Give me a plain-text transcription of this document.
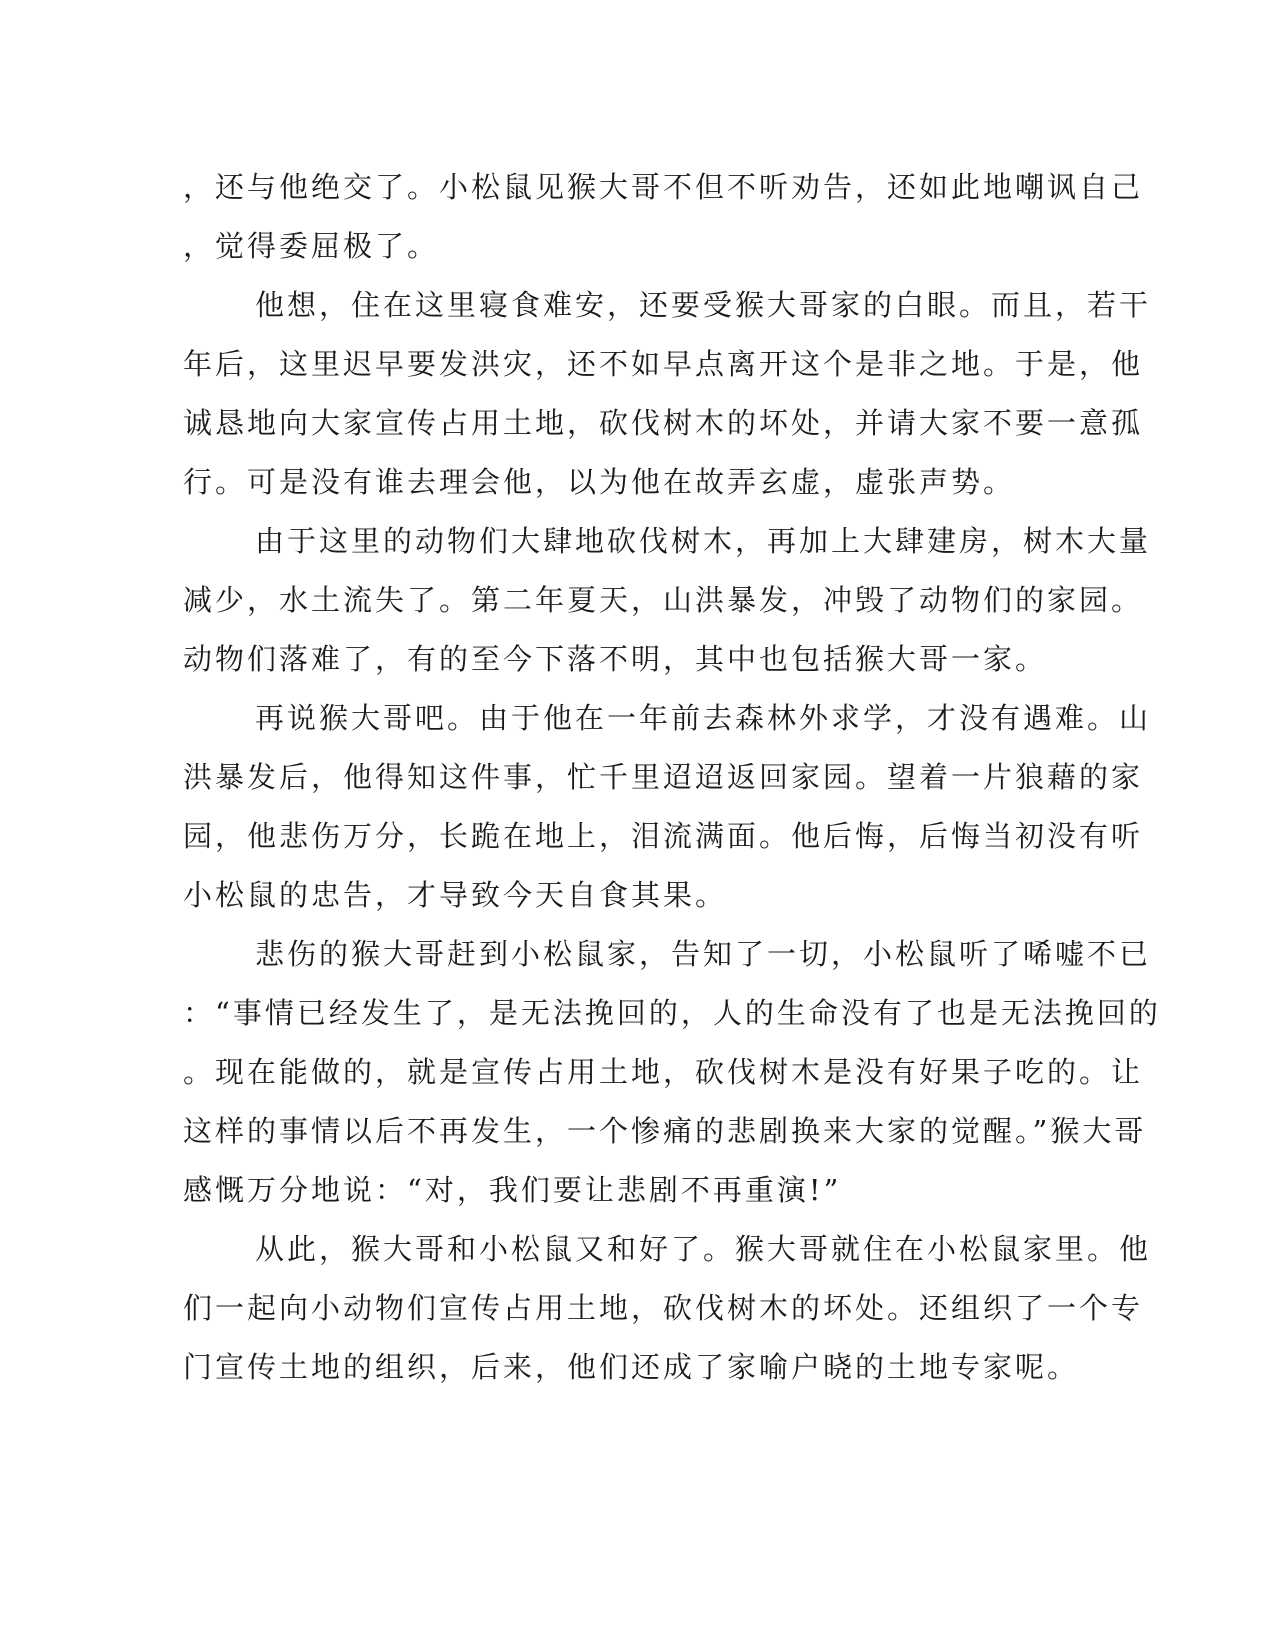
，还与他绝交了。小松鼠见猴大哥不但不听劝告，还如此地嘲讽自己
，觉得委屈极了。
他想，住在这里寝食难安，还要受猴大哥家的白眼。而且，若干
年后，这里迟早要发洪灾，还不如早点离开这个是非之地。于是，他
诚恳地向大家宣传占用土地，砍伐树木的坏处，并请大家不要一意孤
行。可是没有谁去理会他，以为他在故弄玄虚，虚张声势。
由于这里的动物们大肆地砍伐树木，再加上大肆建房，树木大量
减少，水土流失了。第二年夏天，山洪暴发，冲毁了动物们的家园。
动物们落难了，有的至今下落不明，其中也包括猴大哥一家。
再说猴大哥吧。由于他在一年前去森林外求学，才没有遇难。山
洪暴发后，他得知这件事，忙千里迢迢返回家园。望着一片狼藉的家
园，他悲伤万分，长跪在地上，泪流满面。他后悔，后悔当初没有听
小松鼠的忠告，才导致今天自食其果。
悲伤的猴大哥赶到小松鼠家，告知了一切，小松鼠听了唏嘘不已
：“事情已经发生了，是无法挽回的，人的生命没有了也是无法挽回的
。现在能做的，就是宣传占用土地，砍伐树木是没有好果子吃的。让
这样的事情以后不再发生，一个惨痛的悲剧换来大家的觉醒。”猴大哥
感慨万分地说：“对，我们要让悲剧不再重演!”
从此，猴大哥和小松鼠又和好了。猴大哥就住在小松鼠家里。他
们一起向小动物们宣传占用土地，砍伐树木的坏处。还组织了一个专
门宣传土地的组织，后来，他们还成了家喻户晓的土地专家呢。
